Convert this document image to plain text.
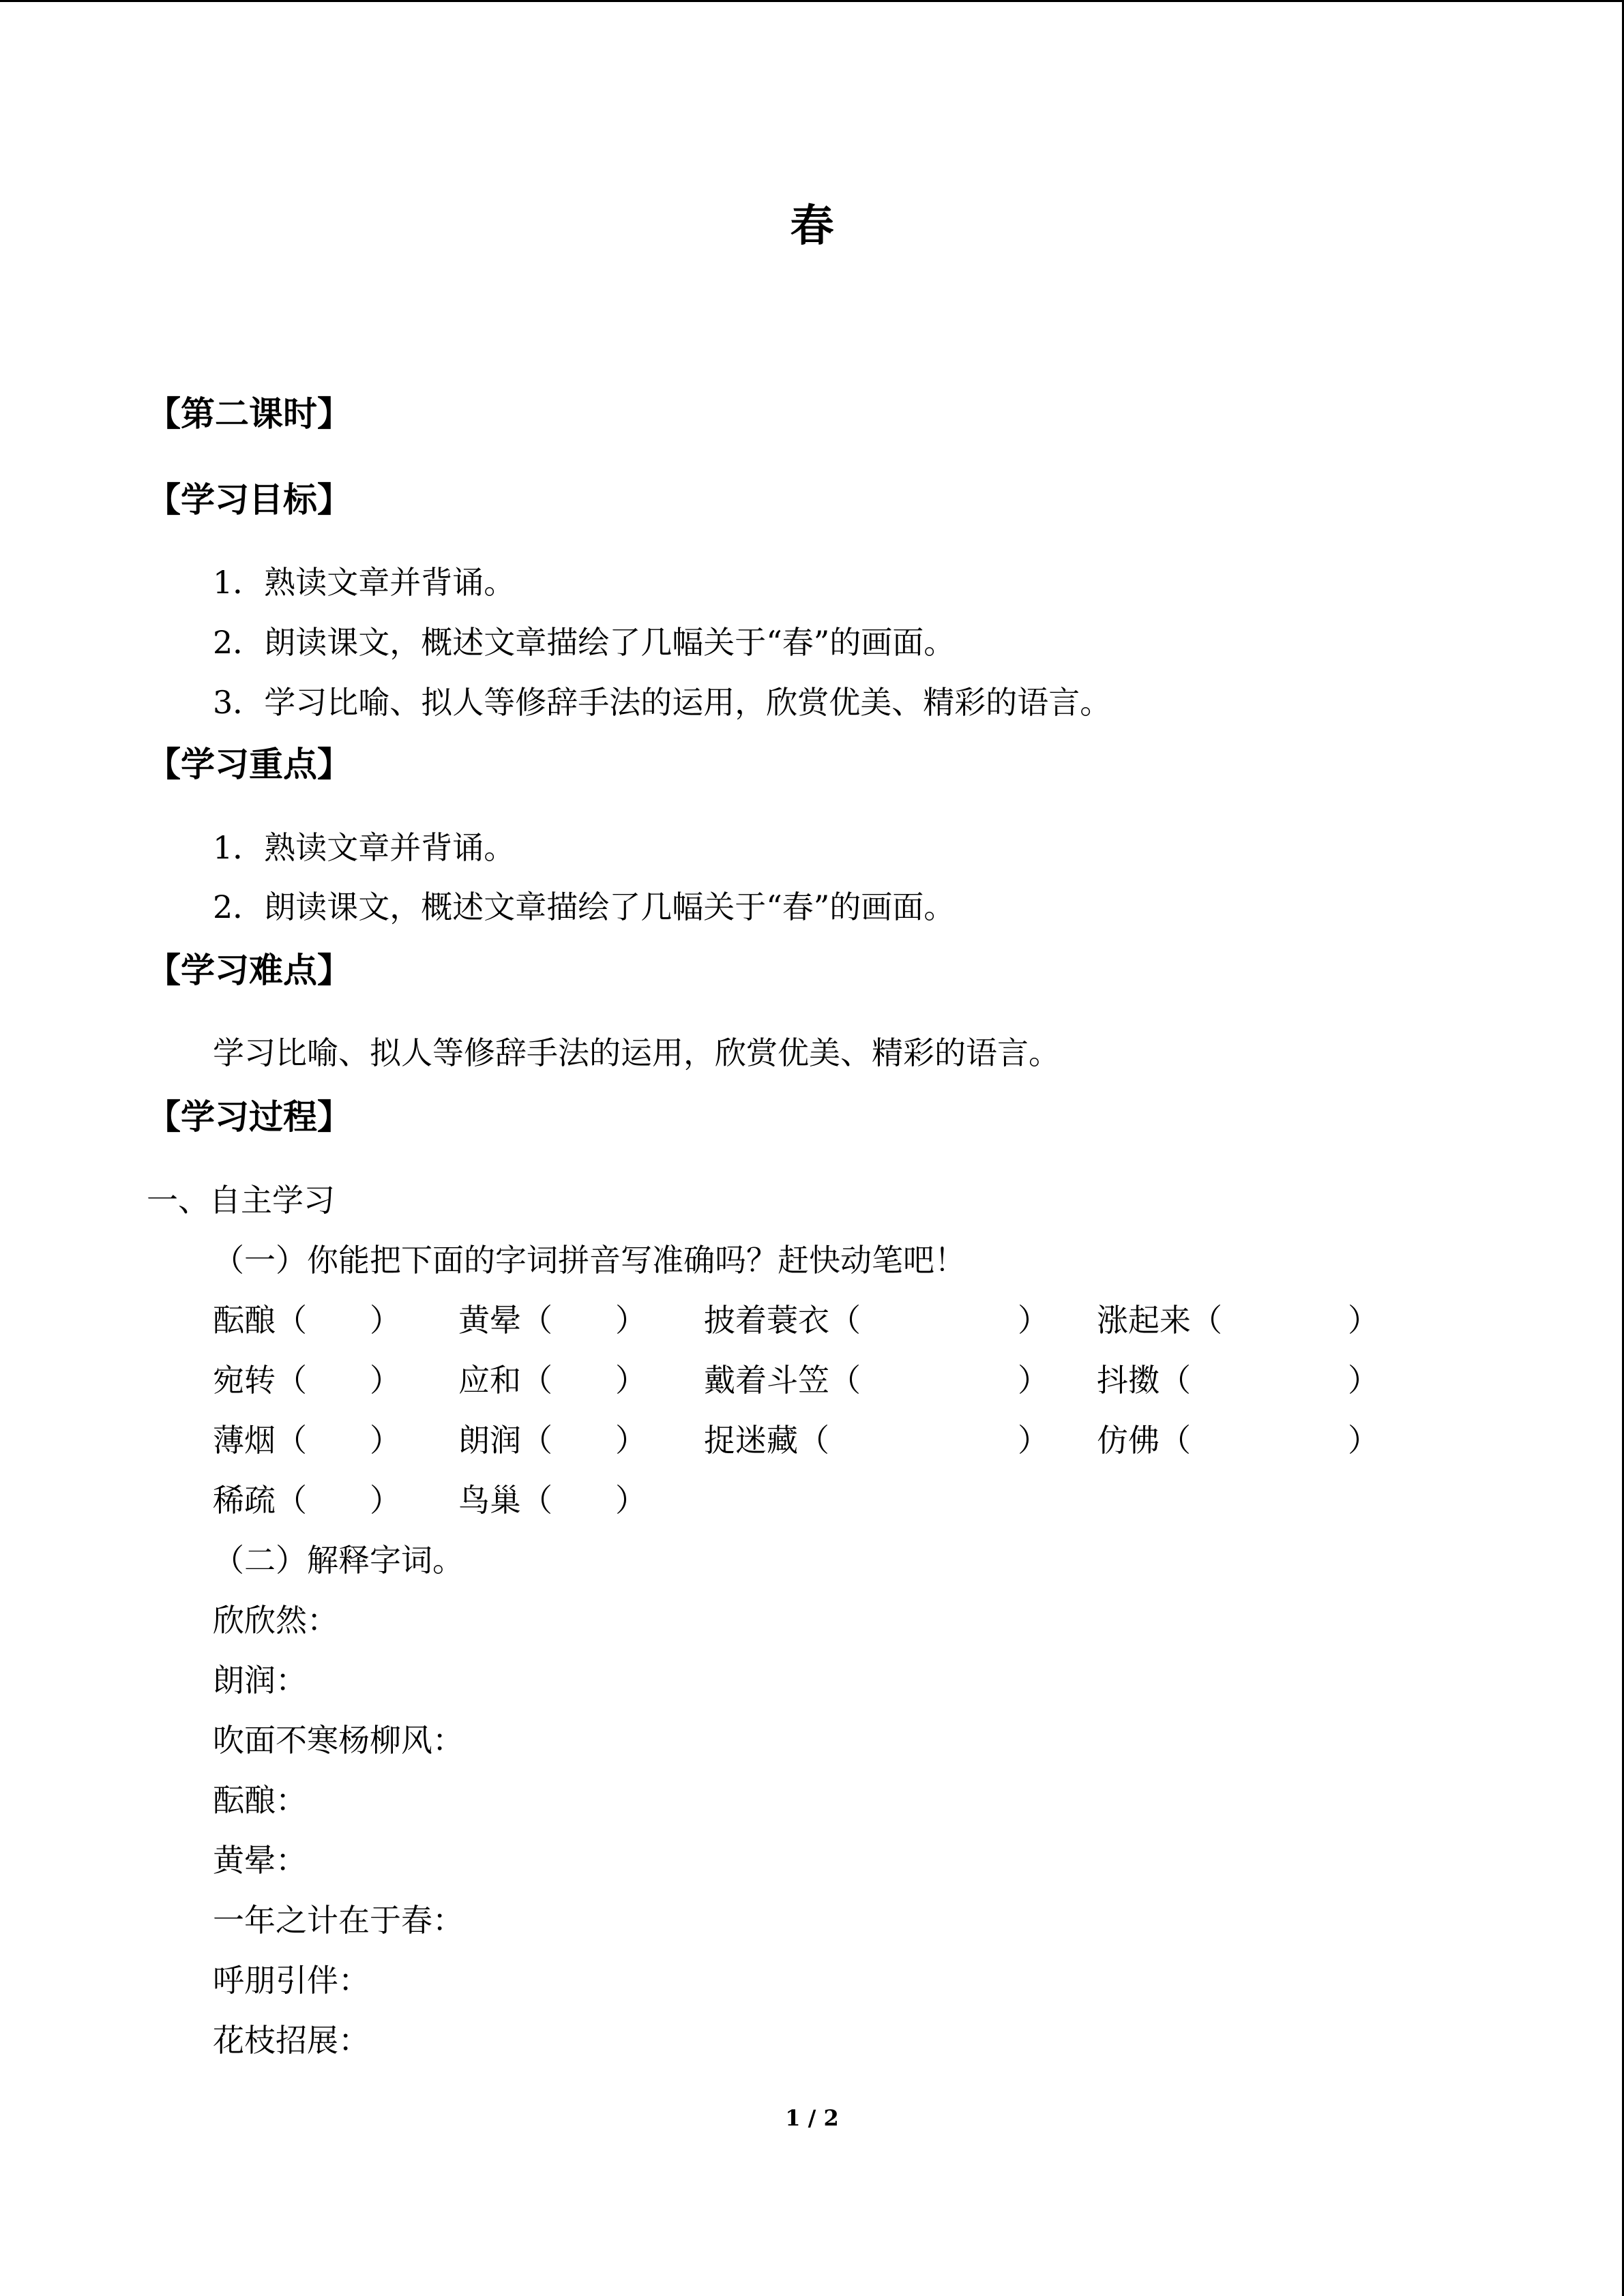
春
【第二课时】
【学习目标】
1．熟读文章并背诵。
2．朗读课文，概述文章描绘了几幅关于“春”的画面。
3．学习比喻、拟人等修辞手法的运用，欣赏优美、精彩的语言。
【学习重点】
1．熟读文章并背诵。
2．朗读课文，概述文章描绘了几幅关于“春”的画面。
【学习难点】
学习比喻、拟人等修辞手法的运用，欣赏优美、精彩的语言。
【学习过程】
一、自主学习
（一）你能把下面的字词拼音写准确吗？赶快动笔吧！
酝酿（　　） 黄晕（　　） 披着蓑衣（　　　　　） 涨起来（　　　　）
宛转（　　） 应和（　　） 戴着斗笠（　　　　　） 抖擞（　　　　　）
薄烟（　　） 朗润（　　） 捉迷藏（　　　　　　） 仿佛（　　　　　）
稀疏（　　） 鸟巢（　　）
（二）解释字词。
欣欣然：
朗润：
吹面不寒杨柳风：
酝酿：
黄晕：
一年之计在于春：
呼朋引伴：
花枝招展：
1 / 2
